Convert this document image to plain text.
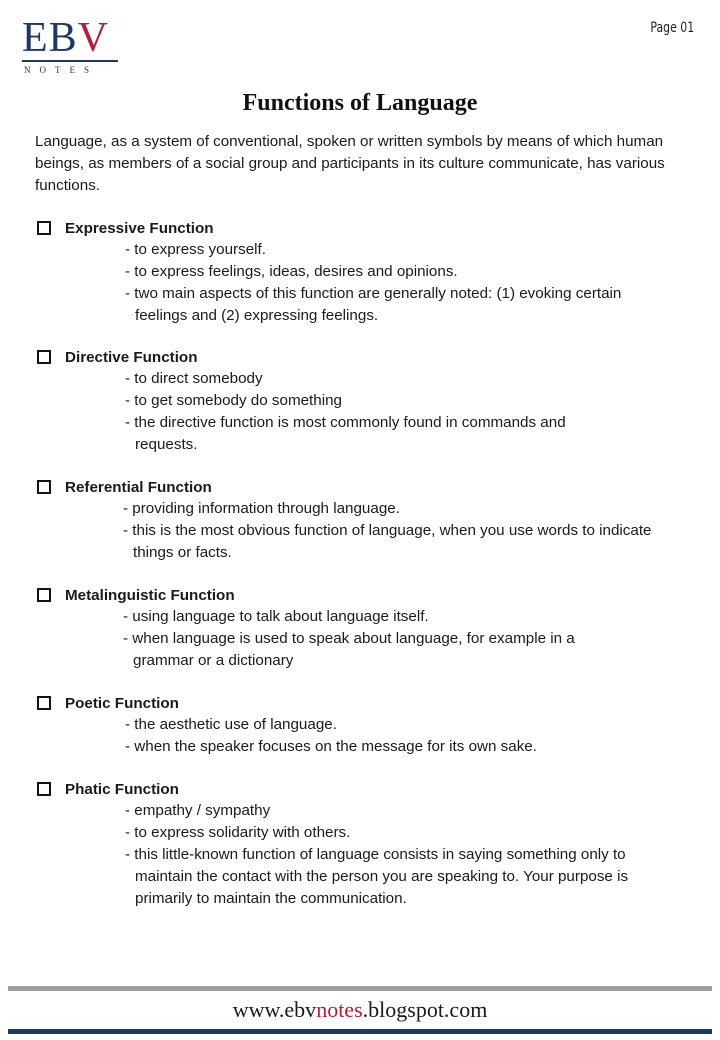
EBV
NOTES
Page 01
Functions of Language
Language, as a system of conventional, spoken or written symbols by means of which human beings, as members of a social group and participants in its culture communicate, has various functions.
Expressive Function
- to express yourself.
- to express feelings, ideas, desires and opinions.
- two main aspects of this function are generally noted: (1) evoking certain feelings and (2) expressing feelings.
Directive Function
- to direct somebody
- to get somebody do something
- the directive function is most commonly found in commands and requests.
Referential Function
- providing information through language.
- this is the most obvious function of language, when you use words to indicate things or facts.
Metalinguistic Function
- using language to talk about language itself.
- when language is used to speak about language, for example in a grammar or a dictionary
Poetic Function
- the aesthetic use of language.
- when the speaker focuses on the message for its own sake.
Phatic Function
- empathy / sympathy
- to express solidarity with others.
- this little-known function of language consists in saying something only to maintain the contact with the person you are speaking to. Your purpose is primarily to maintain the communication.
www.ebvnotes.blogspot.com
